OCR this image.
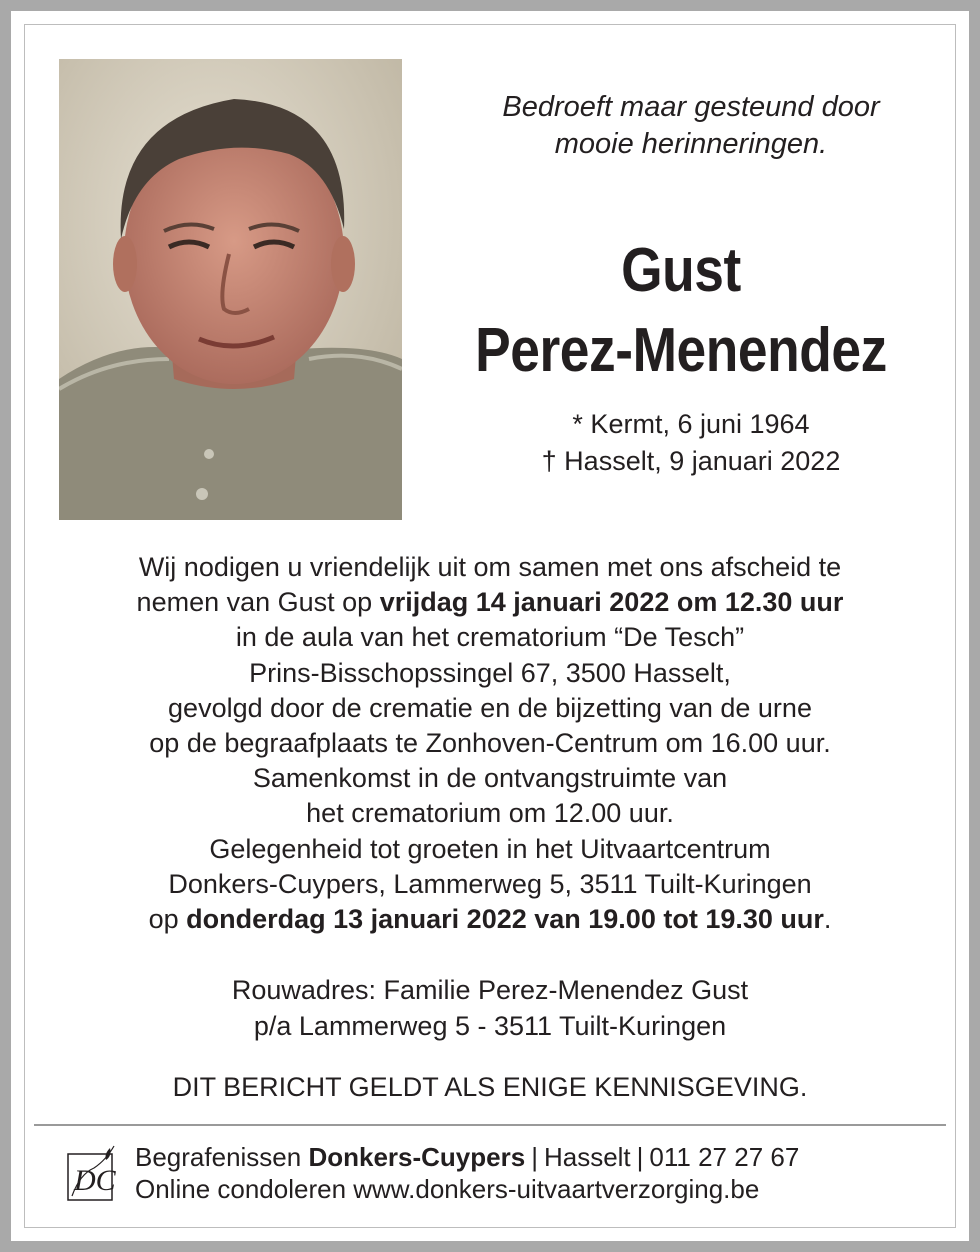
Bedroeft maar gesteund door
mooie herinneringen.
Gust
Perez-Menendez
* Kermt, 6 juni 1964
† Hasselt, 9 januari 2022
Wij nodigen u vriendelijk uit om samen met ons afscheid te
nemen van Gust op vrijdag 14 januari 2022 om 12.30 uur
in de aula van het crematorium “De Tesch”
Prins-Bisschopssingel 67, 3500 Hasselt,
gevolgd door de crematie en de bijzetting van de urne
op de begraafplaats te Zonhoven-Centrum om 16.00 uur.
Samenkomst in de ontvangstruimte van
het crematorium om 12.00 uur.
Gelegenheid tot groeten in het Uitvaartcentrum
Donkers-Cuypers, Lammerweg 5, 3511 Tuilt-Kuringen
op donderdag 13 januari 2022 van 19.00 tot 19.30 uur.
Rouwadres: Familie Perez-Menendez Gust
p/a Lammerweg 5 - 3511 Tuilt-Kuringen
DIT BERICHT GELDT ALS ENIGE KENNISGEVING.
DC
Begrafenissen Donkers-Cuypers | Hasselt | 011 27 27 67
Online condoleren www.donkers-uitvaartverzorging.be
